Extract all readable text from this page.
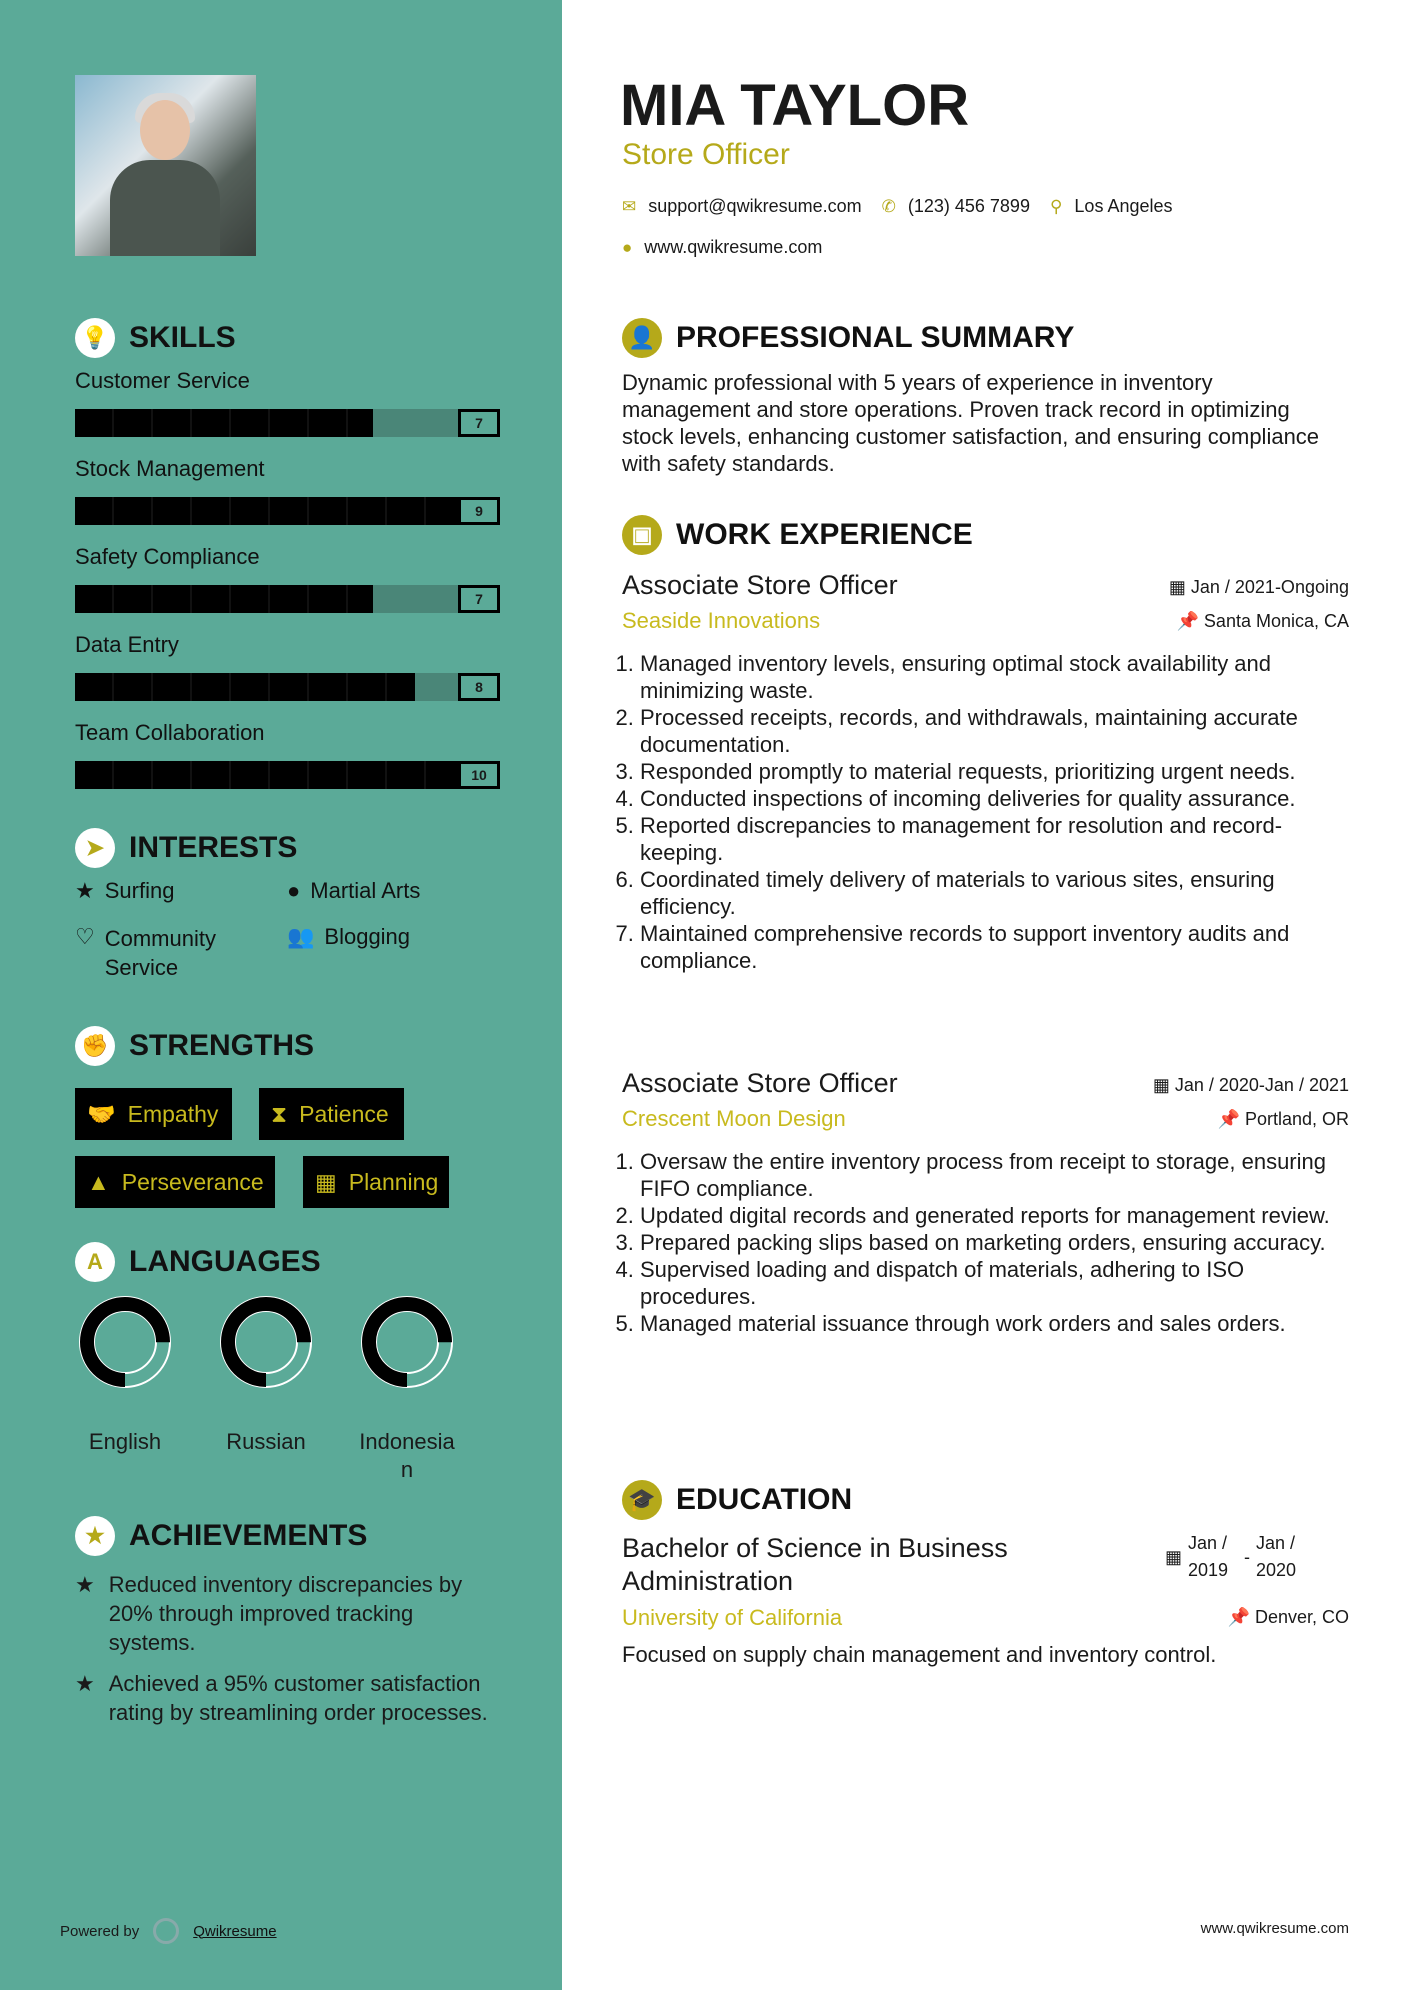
💡 SKILLS
Customer Service
7
Stock Management
9
Safety Compliance
7
Data Entry
8
Team Collaboration
10
➤ INTERESTS
★ Surfing	● Martial Arts
♡ Community Service
👥 Blogging
✊ STRENGTHS
🤝 Empathy ⧗ Patience
▲ Perseverance ▦ Planning
A LANGUAGES
English	Russian	Indonesian
★ ACHIEVEMENTS
★ Reduced inventory discrepancies by 20% through improved tracking systems.
★ Achieved a 95% customer satisfaction rating by streamlining order processes.
Powered by	Qwikresume	www.qwikresume.com
MIA TAYLOR
Store Officer
✉ support@qwikresume.com ✆ (123) 456 7899 ⚲ Los Angeles
● www.qwikresume.com
👤 PROFESSIONAL SUMMARY

Dynamic professional with 5 years of experience in inventory management and store operations. Proven track record in optimizing stock levels, enhancing customer satisfaction, and ensuring compliance with safety standards.

▣ WORK EXPERIENCE
Associate Store Officer	▦ Jan / 2021-Ongoing
Seaside Innovations	📌 Santa Monica, CA
1. Managed inventory levels, ensuring optimal stock availability and minimizing waste.
2. Processed receipts, records, and withdrawals, maintaining accurate documentation.
3. Responded promptly to material requests, prioritizing urgent needs.
4. Conducted inspections of incoming deliveries for quality assurance.
5. Reported discrepancies to management for resolution and record-keeping.
6. Coordinated timely delivery of materials to various sites, ensuring efficiency.
7. Maintained comprehensive records to support inventory audits and compliance.
Associate Store Officer	▦ Jan / 2020-Jan / 2021
Crescent Moon Design	📌 Portland, OR
1. Oversaw the entire inventory process from receipt to storage, ensuring FIFO compliance.
2. Updated digital records and generated reports for management review.
3. Prepared packing slips based on marketing orders, ensuring accuracy.
4. Supervised loading and dispatch of materials, adhering to ISO procedures.
5. Managed material issuance through work orders and sales orders.
🎓 EDUCATION
Bachelor of Science in Business Administration
▦
Jan / 2019
-
Jan / 2020
University of California	📌 Denver, CO

Focused on supply chain management and inventory control.
